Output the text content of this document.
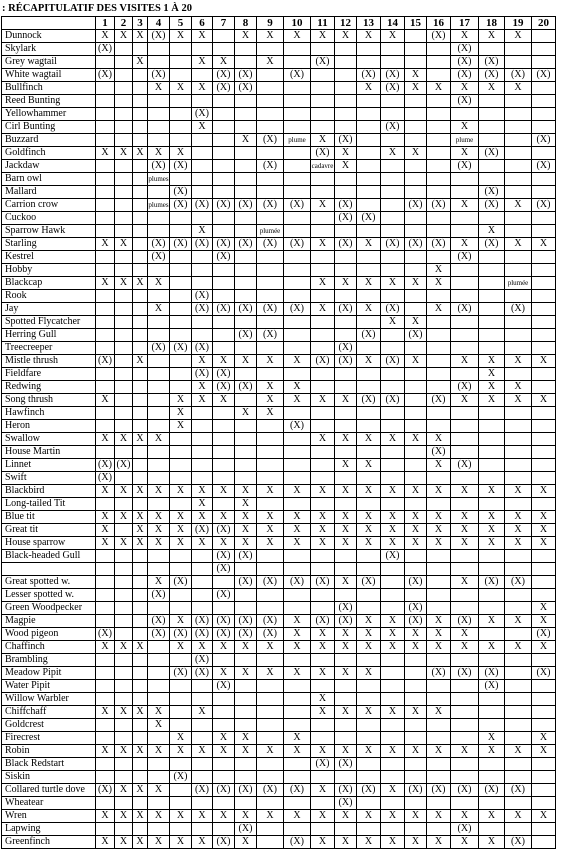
: RÉCAPITULATIF DES VISITES 1 À 20
	1	2	3	4	5	6	7	8	9	10	11	12	13	14	15	16	17	18	19	20
Dunnock	X	X	X	(X)	X	X		X	X	X	X	X	X	X		(X)	X	X	X	
Skylark	(X)																(X)			
Grey wagtail			X			X	X		X		(X)						(X)	(X)		
White wagtail	(X)			(X)			(X)	(X)		(X)			(X)	(X)	X		(X)	(X)	(X)	(X)
Bullfinch				X	X	X	(X)	(X)					X	(X)	X	X	X	X	X	
Reed Bunting																	(X)			
Yellowhammer						(X)														
Cirl Bunting						X								(X)			X			
Buzzard								X	(X)	plume	X	(X)					plume			(X)
Goldfinch	X	X	X	X	X						(X)	X		X	X		X	(X)		
Jackdaw				(X)	(X)				(X)		cadavre	X					(X)			(X)
Barn owl				plumes																
Mallard					(X)													(X)		
Carrion crow				plumes	(X)	(X)	(X)	(X)	(X)	(X)	X	(X)			(X)	(X)	X	(X)	X	(X)
Cuckoo												(X)	(X)							
Sparrow Hawk						X			plumée									X		
Starling	X	X		(X)	(X)	(X)	(X)	(X)	(X)	(X)	X	(X)	X	(X)	(X)	(X)	X	(X)	X	X
Kestrel				(X)			(X)										(X)			
Hobby																X				
Blackcap	X	X	X	X							X	X	X	X	X	X			plumée	
Rook						(X)														
Jay				X		(X)	(X)	(X)	(X)	(X)	X	(X)	X	(X)		X	(X)		(X)	
Spotted Flycatcher														X	X					
Herring Gull								(X)	(X)				(X)		(X)					
Treecreeper				(X)	(X)	(X)						(X)								
Mistle thrush	(X)		X			X	X	X	X	X	(X)	(X)	X	(X)	X		X	X	X	X
Fieldfare						(X)	(X)											X		
Redwing						X	(X)	(X)	X	X							(X)	X	X	
Song thrush	X				X	X	X		X	X	X	X	(X)	(X)		(X)	X	X	X	X
Hawfinch					X			X	X											
Heron					X					(X)										
Swallow	X	X	X	X							X	X	X	X	X	X				
House Martin																(X)				
Linnet	(X)	(X)										X	X			X	(X)			
Swift	(X)																			
Blackbird	X	X	X	X	X	X	X	X	X	X	X	X	X	X	X	X	X	X	X	X
Long-tailed Tit						X		X												
Blue tit	X	X	X	X	X	X	X	X	X	X	X	X	X	X	X	X	X	X	X	X
Great tit	X		X	X	X	(X)	(X)	X	X	X	X	X	X	X	X	X	X	X	X	X
House sparrow	X	X	X	X	X	X	X	X	X	X	X	X	X	X	X	X	X	X	X	X
Black-headed Gull							(X)	(X)						(X)						
							(X)													
Great spotted w.				X	(X)			(X)	(X)	(X)	(X)	X	(X)		(X)		X	(X)	(X)	
Lesser spotted w.				(X)			(X)													
Green Woodpecker												(X)			(X)					X
Magpie				(X)	X	(X)	(X)	(X)	(X)	X	(X)	(X)	X	X	(X)	X	(X)	X	X	X
Wood pigeon	(X)			(X)	(X)	(X)	(X)	(X)	(X)	X	X	X	X	X	X	X	X			(X)
Chaffinch	X	X	X		X	X	X	X	X	X	X	X	X	X	X	X	X	X	X	X
Brambling						(X)														
Meadow Pipit					(X)	(X)	X	X	X	X	X	X	X			(X)	(X)	(X)		(X)
Water Pipit							(X)											(X)		
Willow Warbler											X									
Chiffchaff	X	X	X	X		X					X	X	X	X	X	X				
Goldcrest				X																
Firecrest					X		X	X		X								X		X
Robin	X	X	X	X	X	X	X	X	X	X	X	X	X	X	X	X	X	X	X	X
Black Redstart											(X)	(X)								
Siskin					(X)															
Collared turtle dove	(X)	X	X	X		(X)	(X)	(X)	(X)	(X)	X	(X)	(X)	X	(X)	(X)	(X)	(X)	(X)	
Wheatear												(X)								
Wren	X	X	X	X	X	X	X	X	X	X	X	X	X	X	X	X	X	X	X	X
Lapwing								(X)									(X)			
Greenfinch	X	X	X	X	X	X	(X)	X		(X)	X	X	X	X	X	X	X	X	(X)	
